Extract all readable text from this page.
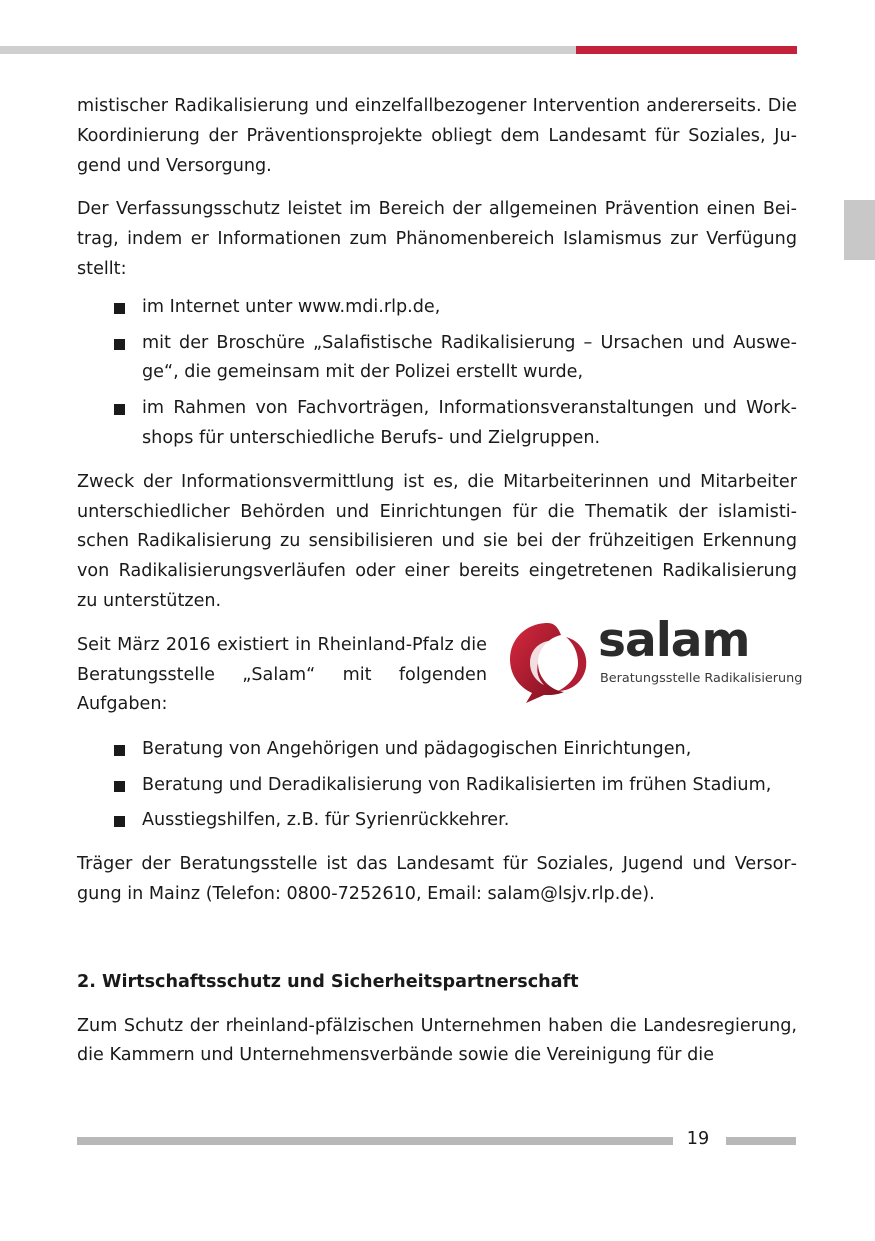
mistischer Radikalisierung und einzelfallbezogener Intervention andererseits. Die Koordinierung der Präventionsprojekte obliegt dem Landesamt für Soziales, Jugend und Versorgung.

Der Verfassungsschutz leistet im Bereich der allgemeinen Prävention einen Beitrag, indem er Informationen zum Phänomenbereich Islamismus zur Verfügung stellt:

im Internet unter www.mdi.rlp.de,
mit der Broschüre „Salafistische Radikalisierung – Ursachen und Auswege“, die gemeinsam mit der Polizei erstellt wurde,
im Rahmen von Fachvorträgen, Informationsveranstaltungen und Workshops für unterschiedliche Berufs- und Zielgruppen.

Zweck der Informationsvermittlung ist es, die Mitarbeiterinnen und Mitarbeiter unterschiedlicher Behörden und Einrichtungen für die Thematik der islamistischen Radikalisierung zu sensibilisieren und sie bei der frühzeitigen Erkennung von Radikalisierungsverläufen oder einer bereits eingetretenen Radikalisierung zu unterstützen.

Seit März 2016 existiert in Rheinland-Pfalz die Beratungsstelle „Salam“ mit folgenden Aufgaben:

salam
Beratungsstelle Radikalisierung
Beratung von Angehörigen und pädagogischen Einrichtungen,
Beratung und Deradikalisierung von Radikalisierten im frühen Stadium,
Ausstiegshilfen, z.B. für Syrienrückkehrer.

Träger der Beratungsstelle ist das Landesamt für Soziales, Jugend und Versorgung in Mainz (Telefon: 0800-7252610, Email: salam@lsjv.rlp.de).

2. Wirtschaftsschutz und Sicherheitspartnerschaft

Zum Schutz der rheinland-pfälzischen Unternehmen haben die Landesregierung, die Kammern und Unternehmensverbände sowie die Vereinigung für die

19
